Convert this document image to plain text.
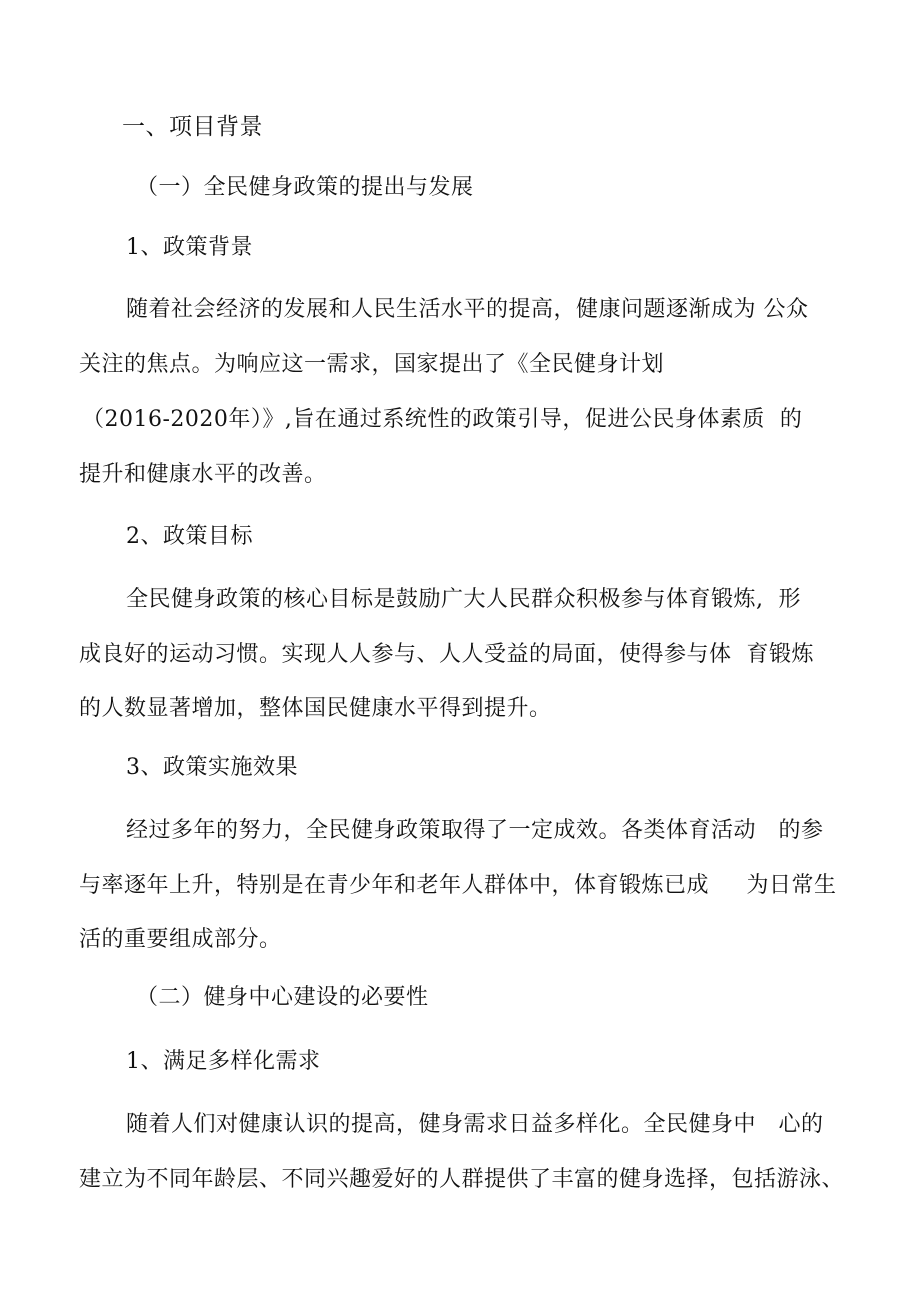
一、项目背景
（一）全民健身政策的提出与发展
1、政策背景
随着社会经济的发展和人民生活水平的提高，健康问题逐渐成为 公众
关注的焦点。为响应这一需求，国家提出了《全民健身计划
（2016-2020年）》,旨在通过系统性的政策引导，促进公民身体素质  的
提升和健康水平的改善。
2、政策目标
全民健身政策的核心目标是鼓励广大人民群众积极参与体育锻炼,  形
成良好的运动习惯。实现人人参与、人人受益的局面，使得参与体  育锻炼
的人数显著增加，整体国民健康水平得到提升。
3、政策实施效果
经过多年的努力，全民健身政策取得了一定成效。各类体育活动   的参
与率逐年上升，特别是在青少年和老年人群体中，体育锻炼已成     为日常生
活的重要组成部分。
（二）健身中心建设的必要性
1、满足多样化需求
随着人们对健康认识的提高，健身需求日益多样化。全民健身中   心的
建立为不同年龄层、不同兴趣爱好的人群提供了丰富的健身选择，包括游泳、
